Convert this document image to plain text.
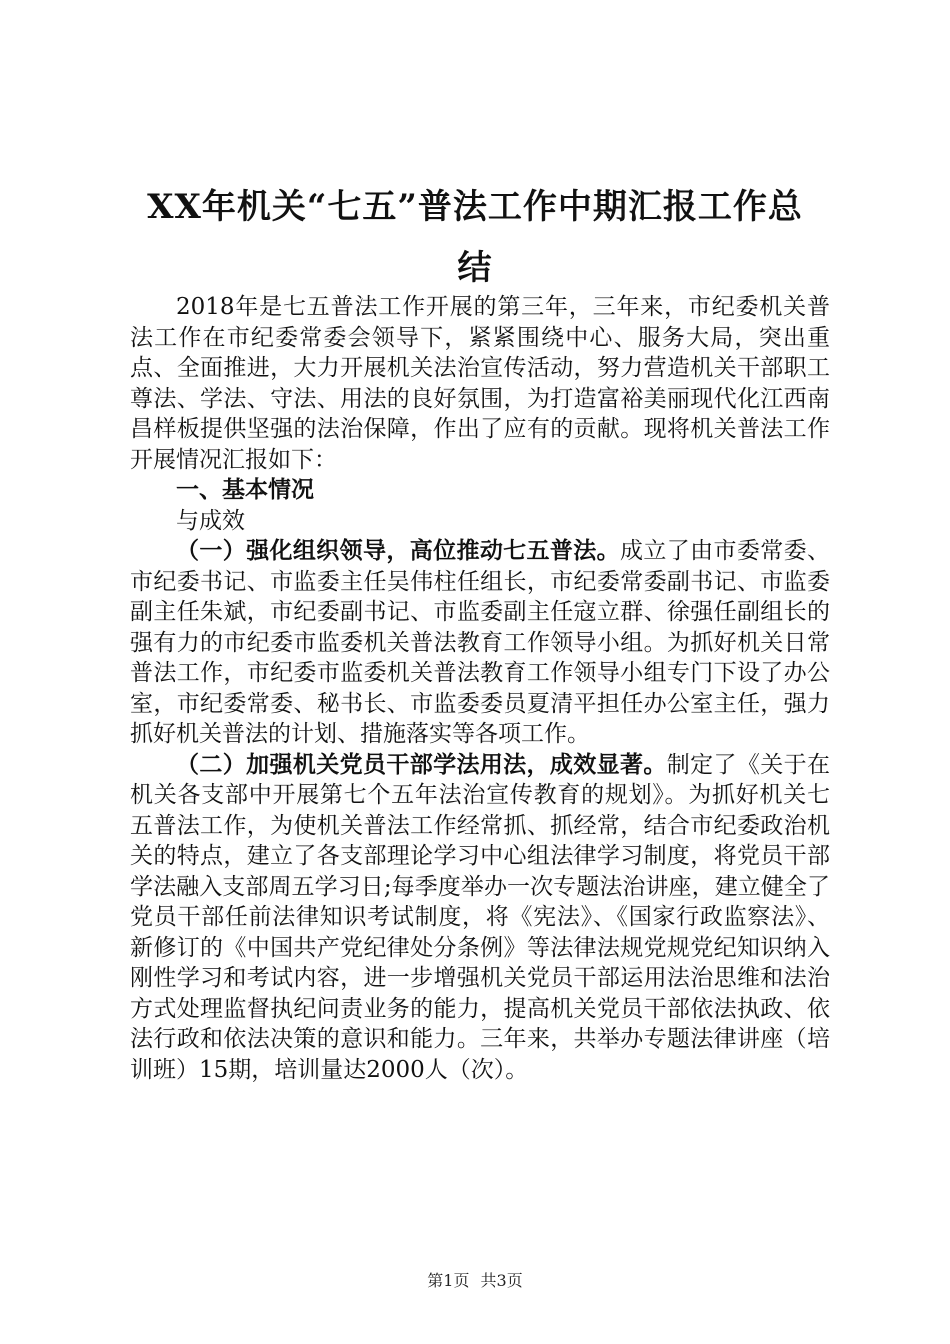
XX年机关“七五”普法工作中期汇报工作总
结

2018年是七五普法工作开展的第三年，三年来，市纪委机关普法工作在市纪委常委会领导下，紧紧围绕中心、服务大局，突出重点、全面推进，大力开展机关法治宣传活动，努力营造机关干部职工尊法、学法、守法、用法的良好氛围，为打造富裕美丽现代化江西南昌样板提供坚强的法治保障，作出了应有的贡献。现将机关普法工作开展情况汇报如下：

一、基本情况

与成效

（一）强化组织领导，高位推动七五普法。成立了由市委常委、市纪委书记、市监委主任吴伟柱任组长，市纪委常委副书记、市监委副主任朱斌，市纪委副书记、市监委副主任寇立群、徐强任副组长的强有力的市纪委市监委机关普法教育工作领导小组。为抓好机关日常普法工作，市纪委市监委机关普法教育工作领导小组专门下设了办公室，市纪委常委、秘书长、市监委委员夏清平担任办公室主任，强力抓好机关普法的计划、措施落实等各项工作。

（二）加强机关党员干部学法用法，成效显著。制定了《关于在机关各支部中开展第七个五年法治宣传教育的规划》。为抓好机关七五普法工作，为使机关普法工作经常抓、抓经常，结合市纪委政治机关的特点，建立了各支部理论学习中心组法律学习制度，将党员干部学法融入支部周五学习日;每季度举办一次专题法治讲座，建立健全了党员干部任前法律知识考试制度，将《宪法》、《国家行政监察法》、新修订的《中国共产党纪律处分条例》等法律法规党规党纪知识纳入刚性学习和考试内容，进一步增强机关党员干部运用法治思维和法治方式处理监督执纪问责业务的能力，提高机关党员干部依法执政、依法行政和依法决策的意识和能力。三年来，共举办专题法律讲座（培训班）15期，培训量达2000人（次）。

第1页 共3页
